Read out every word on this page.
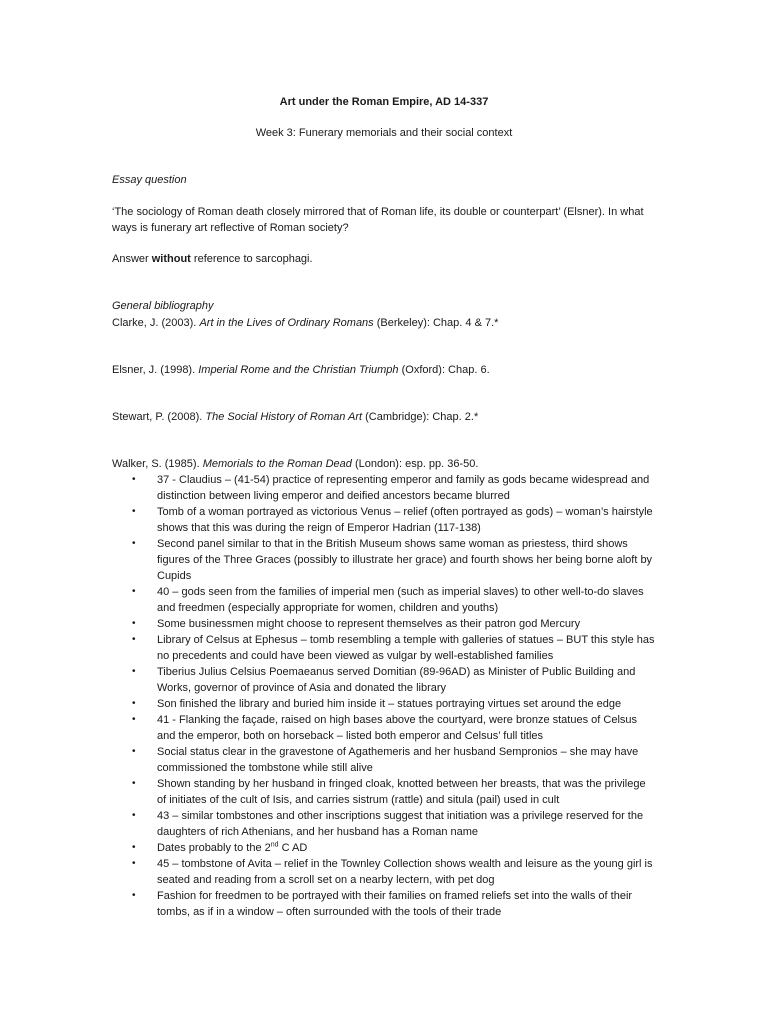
Art under the Roman Empire, AD 14-337
Week 3: Funerary memorials and their social context
Essay question
‘The sociology of Roman death closely mirrored that of Roman life, its double or counterpart’ (Elsner). In what ways is funerary art reflective of Roman society?
Answer without reference to sarcophagi.
General bibliography
Clarke, J. (2003). Art in the Lives of Ordinary Romans (Berkeley): Chap. 4 & 7.*
Elsner, J. (1998). Imperial Rome and the Christian Triumph (Oxford): Chap. 6.
Stewart, P. (2008). The Social History of Roman Art (Cambridge): Chap. 2.*
Walker, S. (1985). Memorials to the Roman Dead (London): esp. pp. 36-50.
• 37 - Claudius – (41-54) practice of representing emperor and family as gods became widespread and distinction between living emperor and deified ancestors became blurred
• Tomb of a woman portrayed as victorious Venus – relief (often portrayed as gods) – woman’s hairstyle shows that this was during the reign of Emperor Hadrian (117-138)
• Second panel similar to that in the British Museum shows same woman as priestess, third shows figures of the Three Graces (possibly to illustrate her grace) and fourth shows her being borne aloft by Cupids
• 40 – gods seen from the families of imperial men (such as imperial slaves) to other well-to-do slaves and freedmen (especially appropriate for women, children and youths)
• Some businessmen might choose to represent themselves as their patron god Mercury
• Library of Celsus at Ephesus – tomb resembling a temple with galleries of statues – BUT this style has no precedents and could have been viewed as vulgar by well-established families
• Tiberius Julius Celsius Poemaeanus served Domitian (89-96AD) as Minister of Public Building and Works, governor of province of Asia and donated the library
• Son finished the library and buried him inside it – statues portraying virtues set around the edge
• 41 - Flanking the façade, raised on high bases above the courtyard, were bronze statues of Celsus and the emperor, both on horseback – listed both emperor and Celsus’ full titles
• Social status clear in the gravestone of Agathemeris and her husband Sempronios – she may have commissioned the tombstone while still alive
• Shown standing by her husband in fringed cloak, knotted between her breasts, that was the privilege of initiates of the cult of Isis, and carries sistrum (rattle) and situla (pail) used in cult
• 43 – similar tombstones and other inscriptions suggest that initiation was a privilege reserved for the daughters of rich Athenians, and her husband has a Roman name
• Dates probably to the 2nd C AD
• 45 – tombstone of Avita – relief in the Townley Collection shows wealth and leisure as the young girl is seated and reading from a scroll set on a nearby lectern, with pet dog
• Fashion for freedmen to be portrayed with their families on framed reliefs set into the walls of their tombs, as if in a window – often surrounded with the tools of their trade
